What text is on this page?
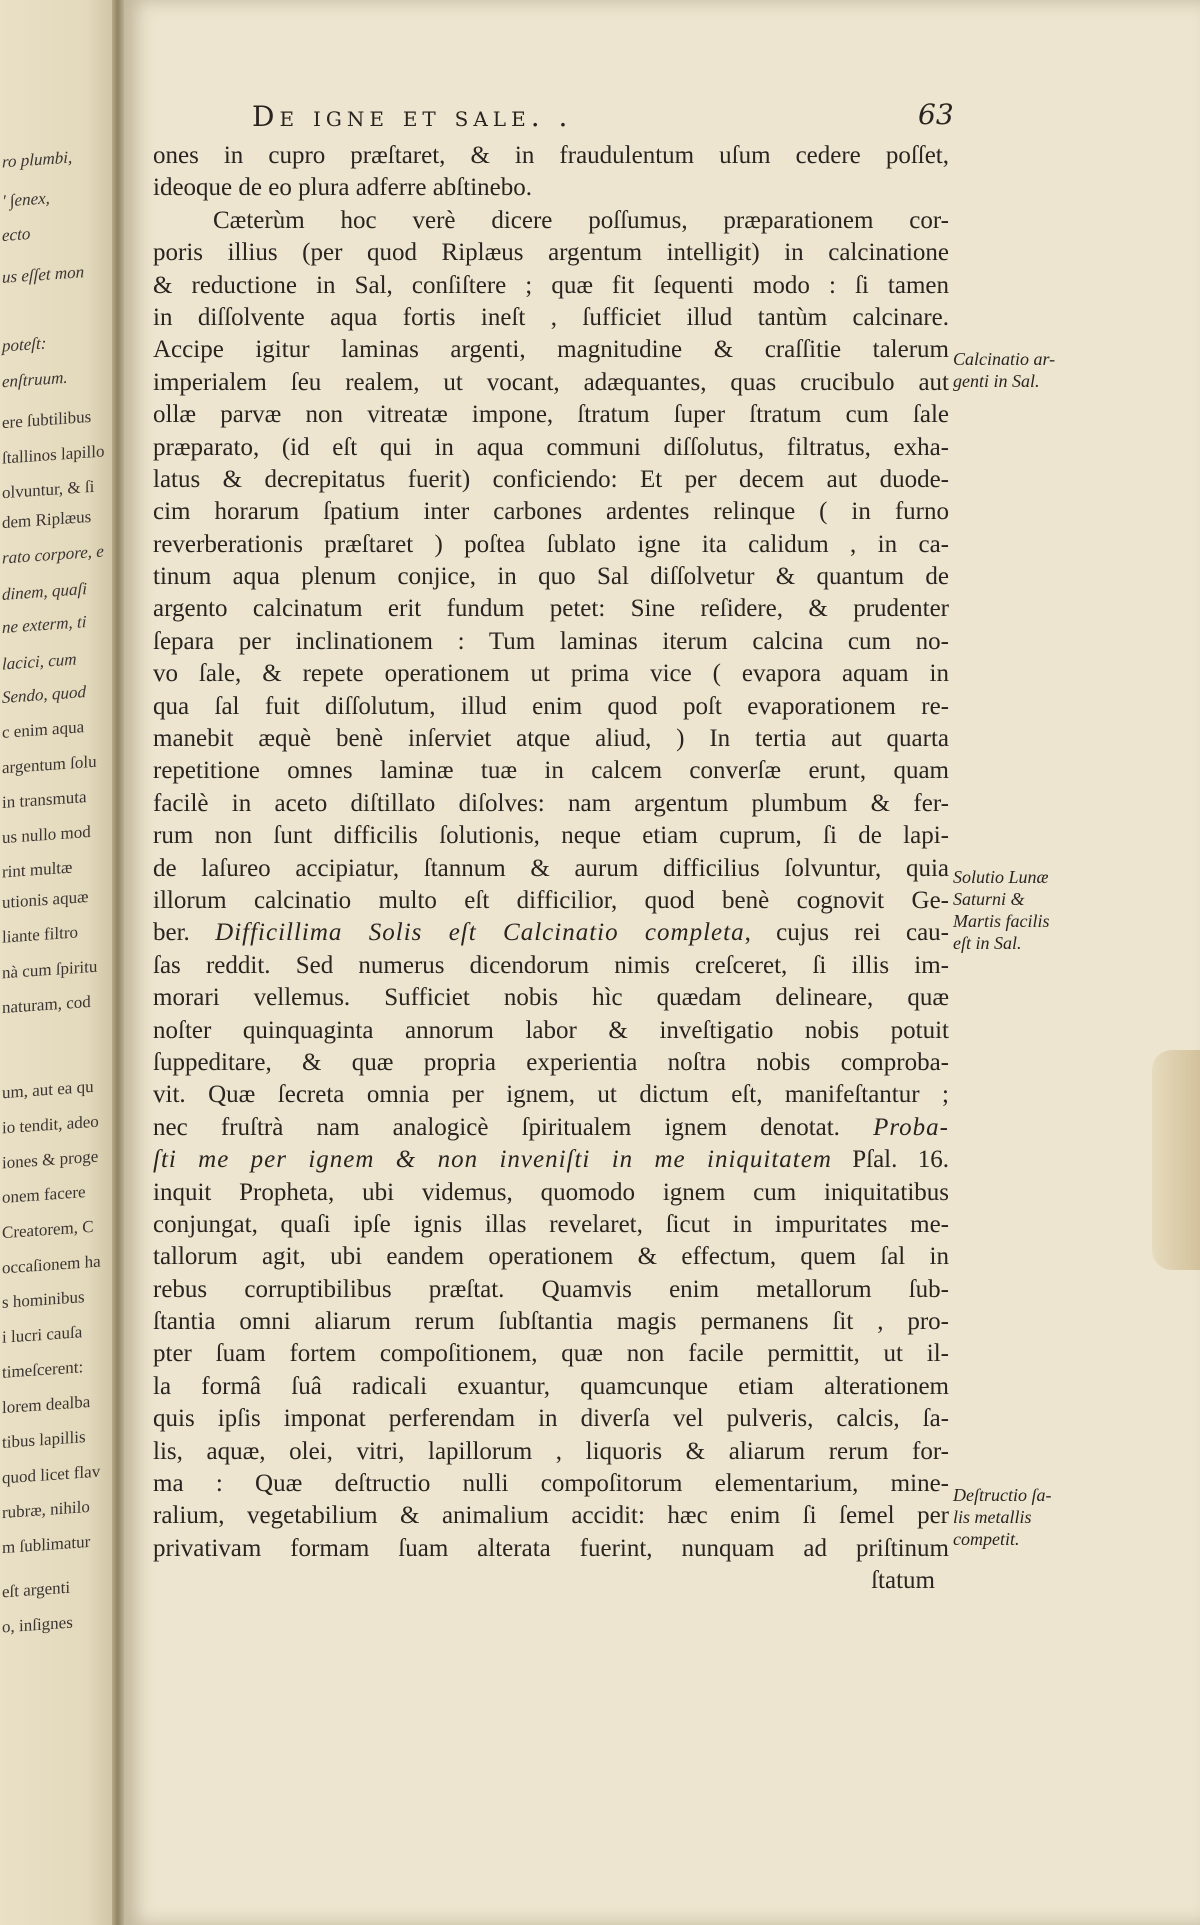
ro plumbi,
' ∫enex,
ecto
us eſſet mon
poteſt:
enſtruum.
ere ſubtilibus
ſtallinos lapillo
olvuntur, & ſi
dem Riplæus
rato corpore, e
dinem, quaſi
ne exterm, ti
lacici, cum
Sendo, quod
c enim aqua
argentum ſolu
in transmuta
us nullo mod
rint multæ
utionis aquæ
liante filtro
nà cum ſpiritu
naturam, cod
um, aut ea qu
io tendit, adeo
iones & proge
onem facere
Creatorem, C
occaſionem ha
s hominibus
i lucri cauſa
timeſcerent:
lorem dealba
tibus lapillis
quod licet flav
rubræ, nihilo
m ſublimatur
eſt argenti
o, inſignes
De igne et sale. .	63
ones in cupro præſtaret, & in fraudulentum uſum cedere poſſet,
ideoque de eo plura adferre abſtinebo.
Cæterùm hoc verè dicere poſſumus, præparationem cor-
poris illius (per quod Riplæus argentum intelligit) in calcinatione
& reductione in Sal, conſiſtere ; quæ fit ſequenti modo : ſi tamen
in diſſolvente aqua fortis ineſt , ſufficiet illud tantùm calcinare.
Accipe igitur laminas argenti, magnitudine & craſſitie talerum
imperialem ſeu realem, ut vocant, adæquantes, quas crucibulo aut
ollæ parvæ non vitreatæ impone, ſtratum ſuper ſtratum cum ſale
præparato, (id eſt qui in aqua communi diſſolutus, filtratus, exha-
latus & decrepitatus fuerit) conficiendo: Et per decem aut duode-
cim horarum ſpatium inter carbones ardentes relinque ( in furno
reverberationis præſtaret ) poſtea ſublato igne ita calidum , in ca-
tinum aqua plenum conjice, in quo Sal diſſolvetur & quantum de
argento calcinatum erit fundum petet: Sine reſidere, & prudenter
ſepara per inclinationem : Tum laminas iterum calcina cum no-
vo ſale, & repete operationem ut prima vice ( evapora aquam in
qua ſal fuit diſſolutum, illud enim quod poſt evaporationem re-
manebit æquè benè inſerviet atque aliud, ) In tertia aut quarta
repetitione omnes laminæ tuæ in calcem converſæ erunt, quam
facilè in aceto diſtillato diſolves: nam argentum plumbum & fer-
rum non ſunt difficilis ſolutionis, neque etiam cuprum, ſi de lapi-
de laſureo accipiatur, ſtannum & aurum difficilius ſolvuntur, quia
illorum calcinatio multo eſt difficilior, quod benè cognovit Ge-
ber. Difficillima Solis eſt Calcinatio completa, cujus rei cau-
ſas reddit. Sed numerus dicendorum nimis creſceret, ſi illis im-
morari vellemus. Sufficiet nobis hìc quædam delineare, quæ
noſter quinquaginta annorum labor & inveſtigatio nobis potuit
ſuppeditare, & quæ propria experientia noſtra nobis comproba-
vit. Quæ ſecreta omnia per ignem, ut dictum eſt, manifeſtantur ;
nec fruſtrà nam analogicè ſpiritualem ignem denotat. Proba-
ſti me per ignem & non inveniſti in me iniquitatem Pſal. 16.
inquit Propheta, ubi videmus, quomodo ignem cum iniquitatibus
conjungat, quaſi ipſe ignis illas revelaret, ſicut in impuritates me-
tallorum agit, ubi eandem operationem & effectum, quem ſal in
rebus corruptibilibus præſtat. Quamvis enim metallorum ſub-
ſtantia omni aliarum rerum ſubſtantia magis permanens ſit , pro-
pter ſuam fortem compoſitionem, quæ non facile permittit, ut il-
la formâ ſuâ radicali exuantur, quamcunque etiam alterationem
quis ipſis imponat perferendam in diverſa vel pulveris, calcis, ſa-
lis, aquæ, olei, vitri, lapillorum , liquoris & aliarum rerum for-
ma : Quæ deſtructio nulli compoſitorum elementarium, mine-
ralium, vegetabilium & animalium accidit: hæc enim ſi ſemel per
privativam formam ſuam alterata fuerint, nunquam ad priſtinum
ſtatum
Calcinatio ar-
genti in Sal.
Solutio Lunæ
Saturni &
Martis facilis
eſt in Sal.
Deſtructio ſa-
lis metallis
competit.
